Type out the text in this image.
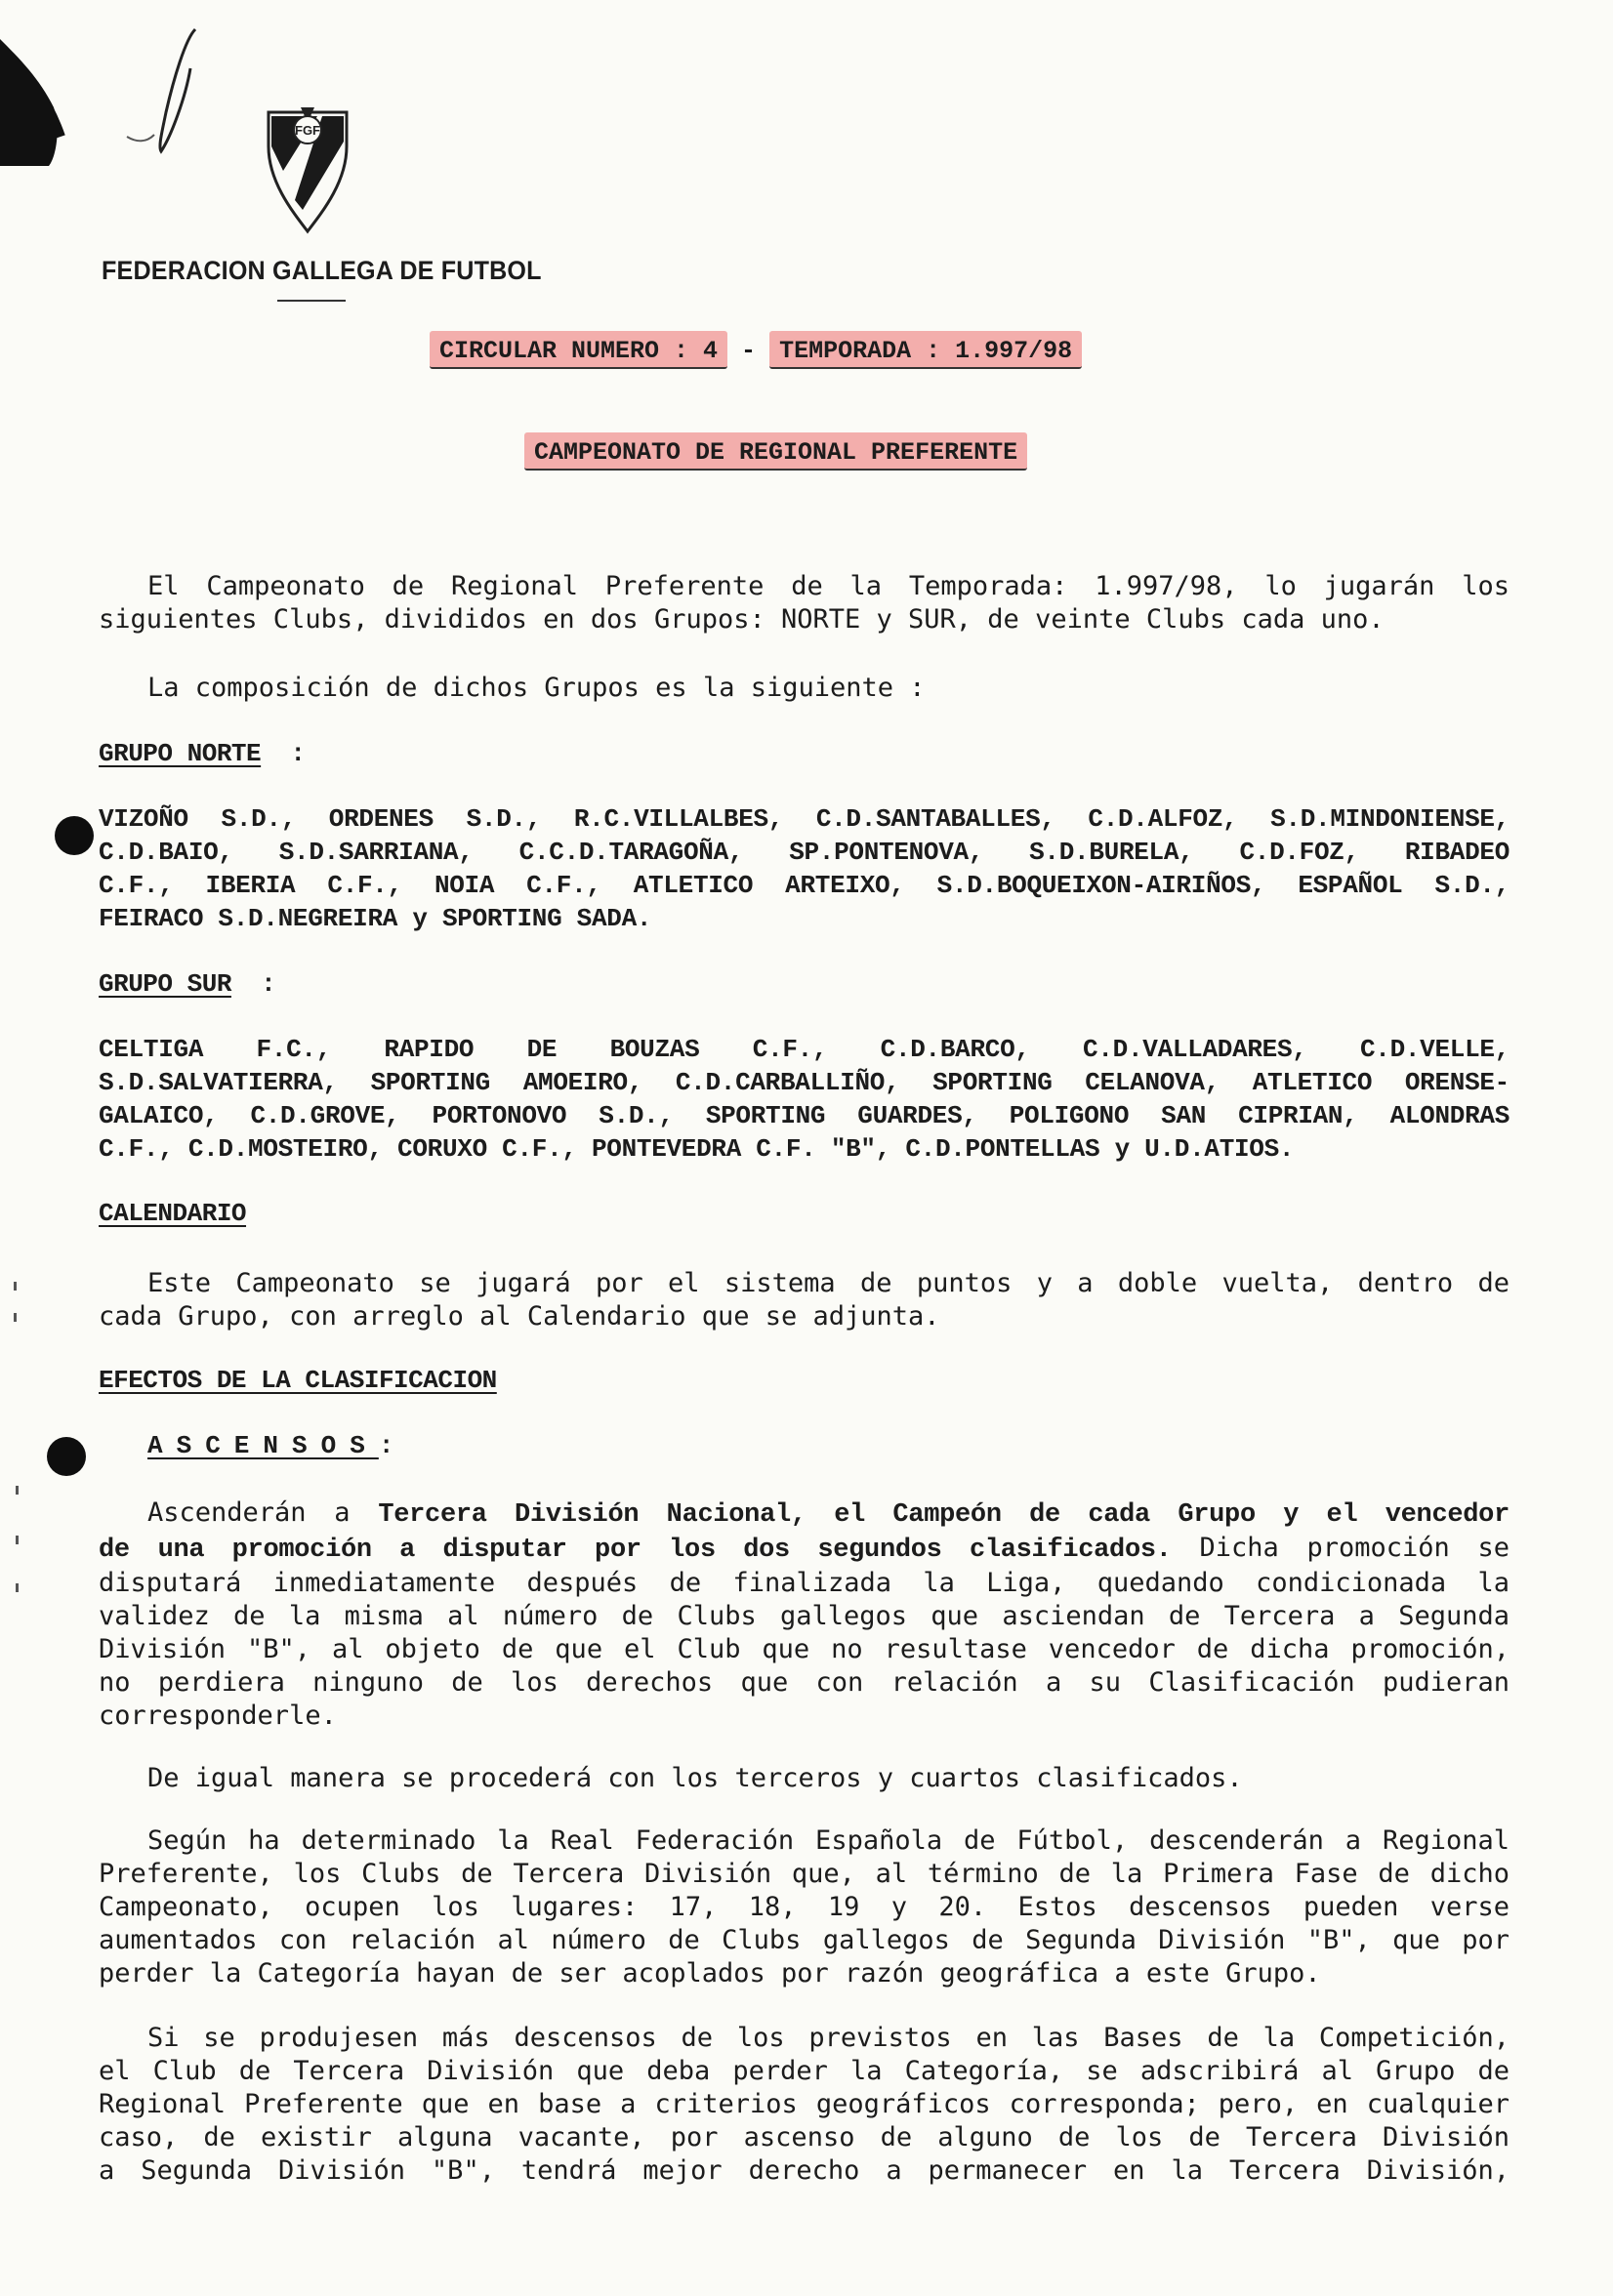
FGF
FEDERACION GALLEGA DE FUTBOL
CIRCULAR NUMERO : 4 - TEMPORADA : 1.997/98
CAMPEONATO DE REGIONAL PREFERENTE
El Campeonato de Regional Preferente de la Temporada: 1.997/98, lo jugarán los
siguientes Clubs, divididos en dos Grupos: NORTE y SUR, de veinte Clubs cada uno.
La composición de dichos Grupos es la siguiente :
GRUPO NORTE :
VIZOÑO S.D., ORDENES S.D., R.C.VILLALBES, C.D.SANTABALLES, C.D.ALFOZ, S.D.MINDONIENSE,
C.D.BAIO, S.D.SARRIANA, C.C.D.TARAGOÑA, SP.PONTENOVA, S.D.BURELA, C.D.FOZ, RIBADEO
C.F., IBERIA C.F., NOIA C.F., ATLETICO ARTEIXO, S.D.BOQUEIXON-AIRIÑOS, ESPAÑOL S.D.,
FEIRACO S.D.NEGREIRA y SPORTING SADA.
GRUPO SUR :
CELTIGA F.C., RAPIDO DE BOUZAS C.F., C.D.BARCO, C.D.VALLADARES, C.D.VELLE,
S.D.SALVATIERRA, SPORTING AMOEIRO, C.D.CARBALLIÑO, SPORTING CELANOVA, ATLETICO ORENSE-
GALAICO, C.D.GROVE, PORTONOVO S.D., SPORTING GUARDES, POLIGONO SAN CIPRIAN, ALONDRAS
C.F., C.D.MOSTEIRO, CORUXO C.F., PONTEVEDRA C.F. "B", C.D.PONTELLAS y U.D.ATIOS.
CALENDARIO
Este Campeonato se jugará por el sistema de puntos y a doble vuelta, dentro de
cada Grupo, con arreglo al Calendario que se adjunta.
EFECTOS DE LA CLASIFICACION
ASCENSOS:
Ascenderán a Tercera División Nacional, el Campeón de cada Grupo y el vencedor
de una promoción a disputar por los dos segundos clasificados. Dicha promoción se
disputará inmediatamente después de finalizada la Liga, quedando condicionada la
validez de la misma al número de Clubs gallegos que asciendan de Tercera a Segunda
División "B", al objeto de que el Club que no resultase vencedor de dicha promoción,
no perdiera ninguno de los derechos que con relación a su Clasificación pudieran
corresponderle.
De igual manera se procederá con los terceros y cuartos clasificados.
Según ha determinado la Real Federación Española de Fútbol, descenderán a Regional
Preferente, los Clubs de Tercera División que, al término de la Primera Fase de dicho
Campeonato, ocupen los lugares: 17, 18, 19 y 20. Estos descensos pueden verse
aumentados con relación al número de Clubs gallegos de Segunda División "B", que por
perder la Categoría hayan de ser acoplados por razón geográfica a este Grupo.
Si se produjesen más descensos de los previstos en las Bases de la Competición,
el Club de Tercera División que deba perder la Categoría, se adscribirá al Grupo de
Regional Preferente que en base a criterios geográficos corresponda; pero, en cualquier
caso, de existir alguna vacante, por ascenso de alguno de los de Tercera División
a Segunda División "B", tendrá mejor derecho a permanecer en la Tercera División,
